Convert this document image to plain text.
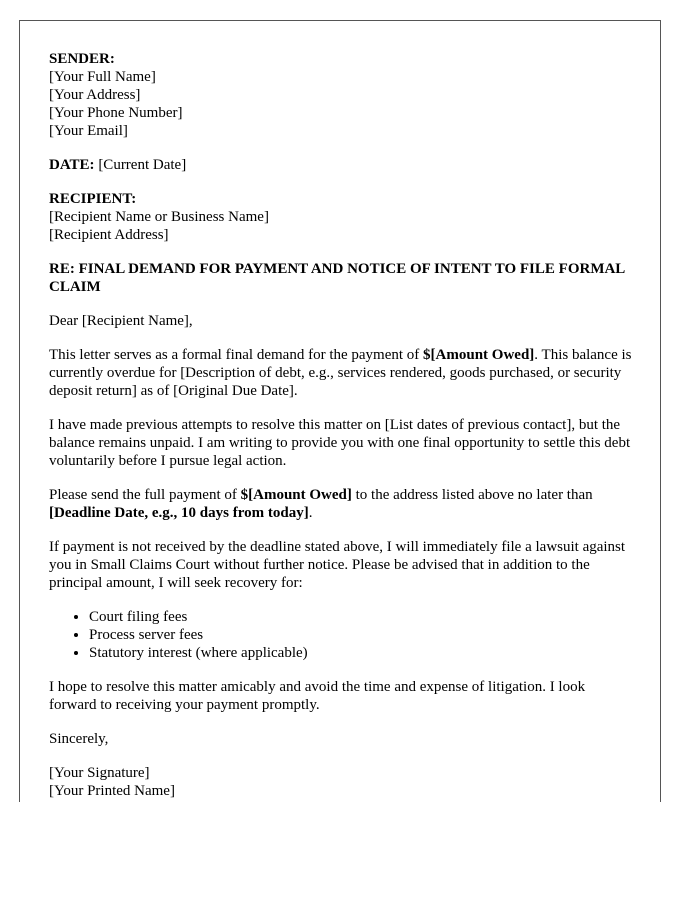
SENDER:
[Your Full Name]
[Your Address]
[Your Phone Number]
[Your Email]

DATE: [Current Date]

RECIPIENT:
[Recipient Name or Business Name]
[Recipient Address]

RE: FINAL DEMAND FOR PAYMENT AND NOTICE OF INTENT TO FILE FORMAL CLAIM

Dear [Recipient Name],

This letter serves as a formal final demand for the payment of $[Amount Owed]. This balance is currently overdue for [Description of debt, e.g., services rendered, goods purchased, or security deposit return] as of [Original Due Date].

I have made previous attempts to resolve this matter on [List dates of previous contact], but the balance remains unpaid. I am writing to provide you with one final opportunity to settle this debt voluntarily before I pursue legal action.

Please send the full payment of $[Amount Owed] to the address listed above no later than [Deadline Date, e.g., 10 days from today].

If payment is not received by the deadline stated above, I will immediately file a lawsuit against you in Small Claims Court without further notice. Please be advised that in addition to the principal amount, I will seek recovery for:

• Court filing fees
• Process server fees
• Statutory interest (where applicable)

I hope to resolve this matter amicably and avoid the time and expense of litigation. I look forward to receiving your payment promptly.

Sincerely,

[Your Signature]
[Your Printed Name]
